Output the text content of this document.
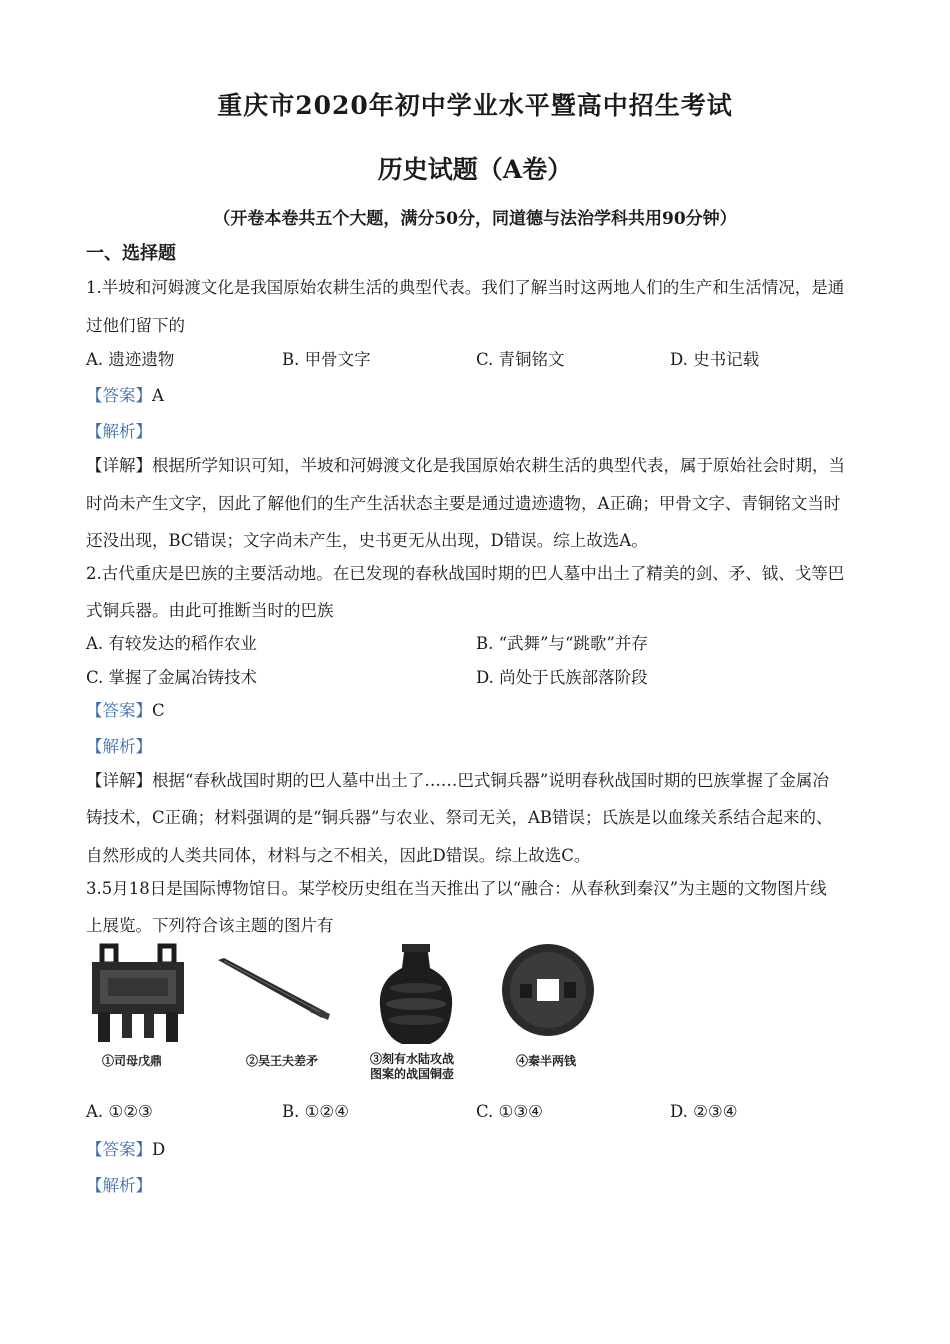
重庆市2020年初中学业水平暨高中招生考试
历史试题（A卷）
（开卷本卷共五个大题，满分50分，同道德与法治学科共用90分钟）
一、选择题
1.半坡和河姆渡文化是我国原始农耕生活的典型代表。我们了解当时这两地人们的生产和生活情况，是通
过他们留下的
A. 遗迹遗物	B. 甲骨文字	C. 青铜铭文	D. 史书记载
【答案】A
【解析】
【详解】根据所学知识可知，半坡和河姆渡文化是我国原始农耕生活的典型代表，属于原始社会时期，当
时尚未产生文字，因此了解他们的生产生活状态主要是通过遗迹遗物，A正确；甲骨文字、青铜铭文当时
还没出现，BC错误；文字尚未产生，史书更无从出现，D错误。综上故选A。
2.古代重庆是巴族的主要活动地。在已发现的春秋战国时期的巴人墓中出土了精美的剑、矛、钺、戈等巴
式铜兵器。由此可推断当时的巴族
A. 有较发达的稻作农业	B. “武舞”与“跳歌”并存
C. 掌握了金属冶铸技术	D. 尚处于氏族部落阶段
【答案】C
【解析】
【详解】根据“春秋战国时期的巴人墓中出土了……巴式铜兵器”说明春秋战国时期的巴族掌握了金属冶
铸技术，C正确；材料强调的是“铜兵器”与农业、祭司无关，AB错误；氏族是以血缘关系结合起来的、
自然形成的人类共同体，材料与之不相关，因此D错误。综上故选C。
3.5月18日是国际博物馆日。某学校历史组在当天推出了以“融合：从春秋到秦汉”为主题的文物图片线
上展览。下列符合该主题的图片有
①司母戊鼎	②吴王夫差矛	③刻有水陆攻战
图案的战国铜壶
④秦半两钱
A. ①②③	B. ①②④	C. ①③④	D. ②③④
【答案】D
【解析】
